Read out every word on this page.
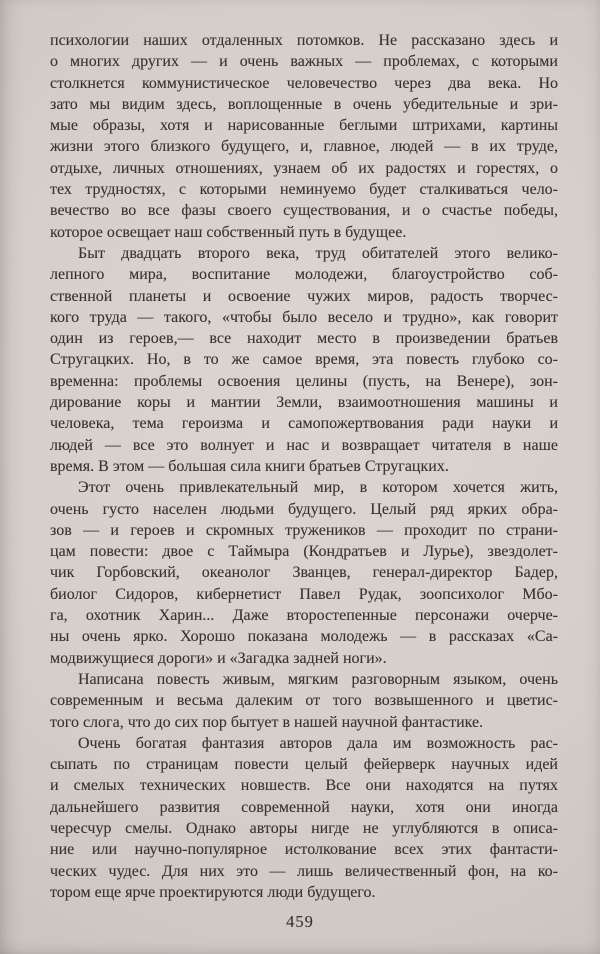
психологии наших отдаленных потомков. Не рассказано здесь и
о многих других — и очень важных — проблемах, с которыми
столкнется коммунистическое человечество через два века. Но
зато мы видим здесь, воплощенные в очень убедительные и зри-
мые образы, хотя и нарисованные беглыми штрихами, картины
жизни этого близкого будущего, и, главное, людей — в их труде,
отдыхе, личных отношениях, узнаем об их радостях и горестях, о
тех трудностях, с которыми неминуемо будет сталкиваться чело-
вечество во все фазы своего существования, и о счастье победы,
которое освещает наш собственный путь в будущее.

Быт двадцать второго века, труд обитателей этого велико-
лепного мира, воспитание молодежи, благоустройство соб-
ственной планеты и освоение чужих миров, радость творчес-
кого труда — такого, «чтобы было весело и трудно», как говорит
один из героев,— все находит место в произведении братьев
Стругацких. Но, в то же самое время, эта повесть глубоко со-
временна: проблемы освоения целины (пусть, на Венере), зон-
дирование коры и мантии Земли, взаимоотношения машины и
человека, тема героизма и самопожертвования ради науки и
людей — все это волнует и нас и возвращает читателя в наше
время. В этом — большая сила книги братьев Стругацких.

Этот очень привлекательный мир, в котором хочется жить,
очень густо населен людьми будущего. Целый ряд ярких обра-
зов — и героев и скромных тружеников — проходит по страни-
цам повести: двое с Таймыра (Кондратьев и Лурье), звездолет-
чик Горбовский, океанолог Званцев, генерал-директор Бадер,
биолог Сидоров, кибернетист Павел Рудак, зоопсихолог Мбо-
га, охотник Харин... Даже второстепенные персонажи очерче-
ны очень ярко. Хорошо показана молодежь — в рассказах «Са-
модвижущиеся дороги» и «Загадка задней ноги».

Написана повесть живым, мягким разговорным языком, очень
современным и весьма далеким от того возвышенного и цветис-
того слога, что до сих пор бытует в нашей научной фантастике.

Очень богатая фантазия авторов дала им возможность рас-
сыпать по страницам повести целый фейерверк научных идей
и смелых технических новшеств. Все они находятся на путях
дальнейшего развития современной науки, хотя они иногда
чересчур смелы. Однако авторы нигде не углубляются в описа-
ние или научно-популярное истолкование всех этих фантасти-
ческих чудес. Для них это — лишь величественный фон, на ко-
тором еще ярче проектируются люди будущего.

459
